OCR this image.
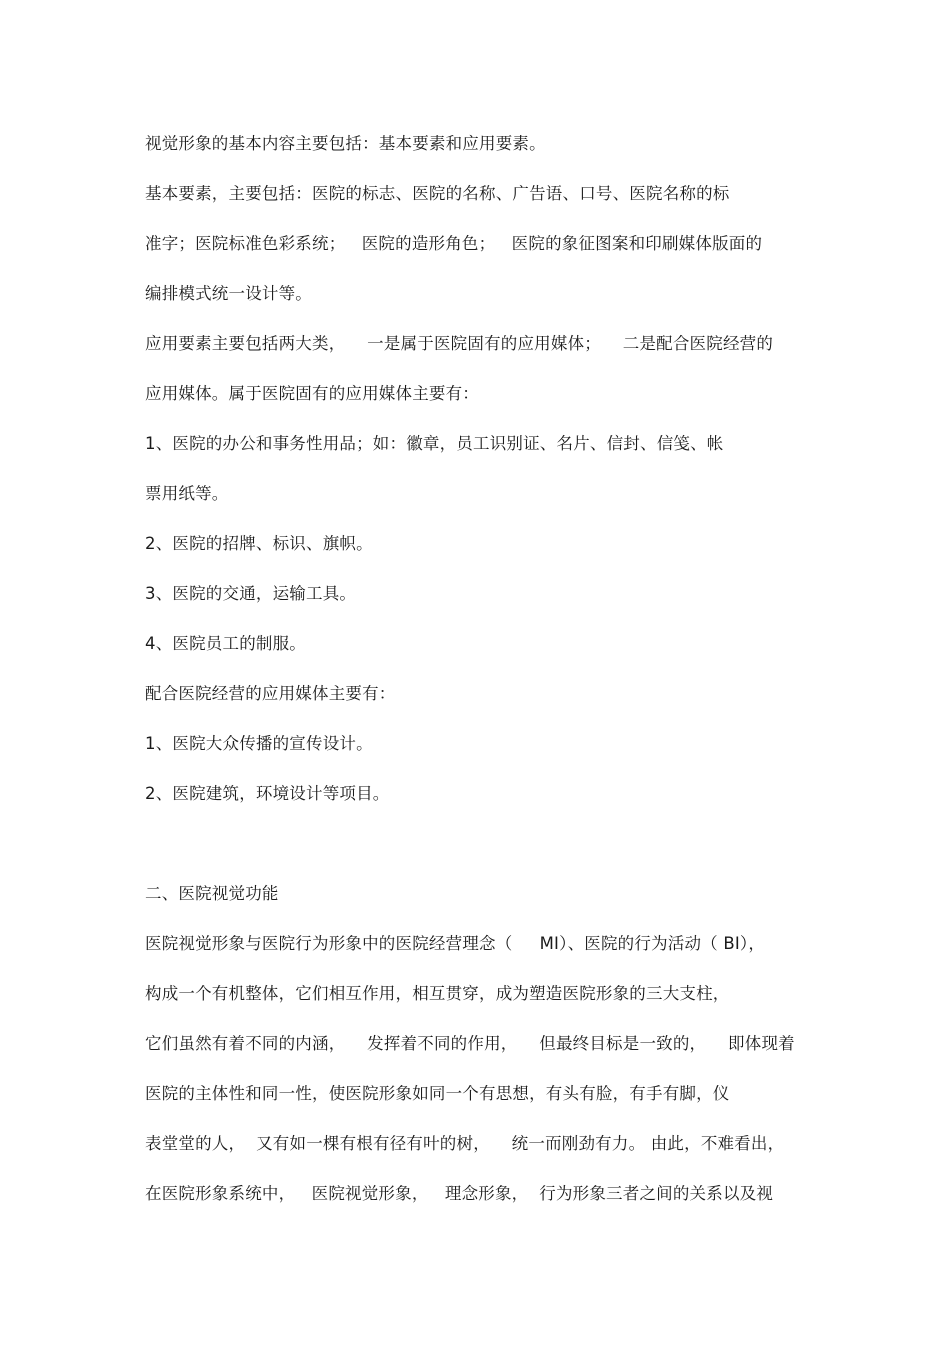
视觉形象的基本内容主要包括：基本要素和应用要素。
基本要素，主要包括：医院的标志、医院的名称、广告语、口号、医院名称的标
准字；医院标准色彩系统；   医院的造形角色；   医院的象征图案和印刷媒体版面的
编排模式统一设计等。
应用要素主要包括两大类，    一是属于医院固有的应用媒体；    二是配合医院经营的
应用媒体。属于医院固有的应用媒体主要有：
1、医院的办公和事务性用品；如：徽章，员工识别证、名片、信封、信笺、帐
票用纸等。
2、医院的招牌、标识、旗帜。
3、医院的交通，运输工具。
4、医院员工的制服。
配合医院经营的应用媒体主要有：
1、医院大众传播的宣传设计。
2、医院建筑，环境设计等项目。
二、医院视觉功能
医院视觉形象与医院行为形象中的医院经营理念（     MI）、医院的行为活动（ BI），
构成一个有机整体，它们相互作用，相互贯穿，成为塑造医院形象的三大支柱，
它们虽然有着不同的内涵，    发挥着不同的作用，    但最终目标是一致的，    即体现着
医院的主体性和同一性，使医院形象如同一个有思想，有头有脸，有手有脚，仪
表堂堂的人，  又有如一棵有根有径有叶的树，    统一而刚劲有力。 由此，不难看出，
在医院形象系统中，   医院视觉形象，   理念形象，  行为形象三者之间的关系以及视
